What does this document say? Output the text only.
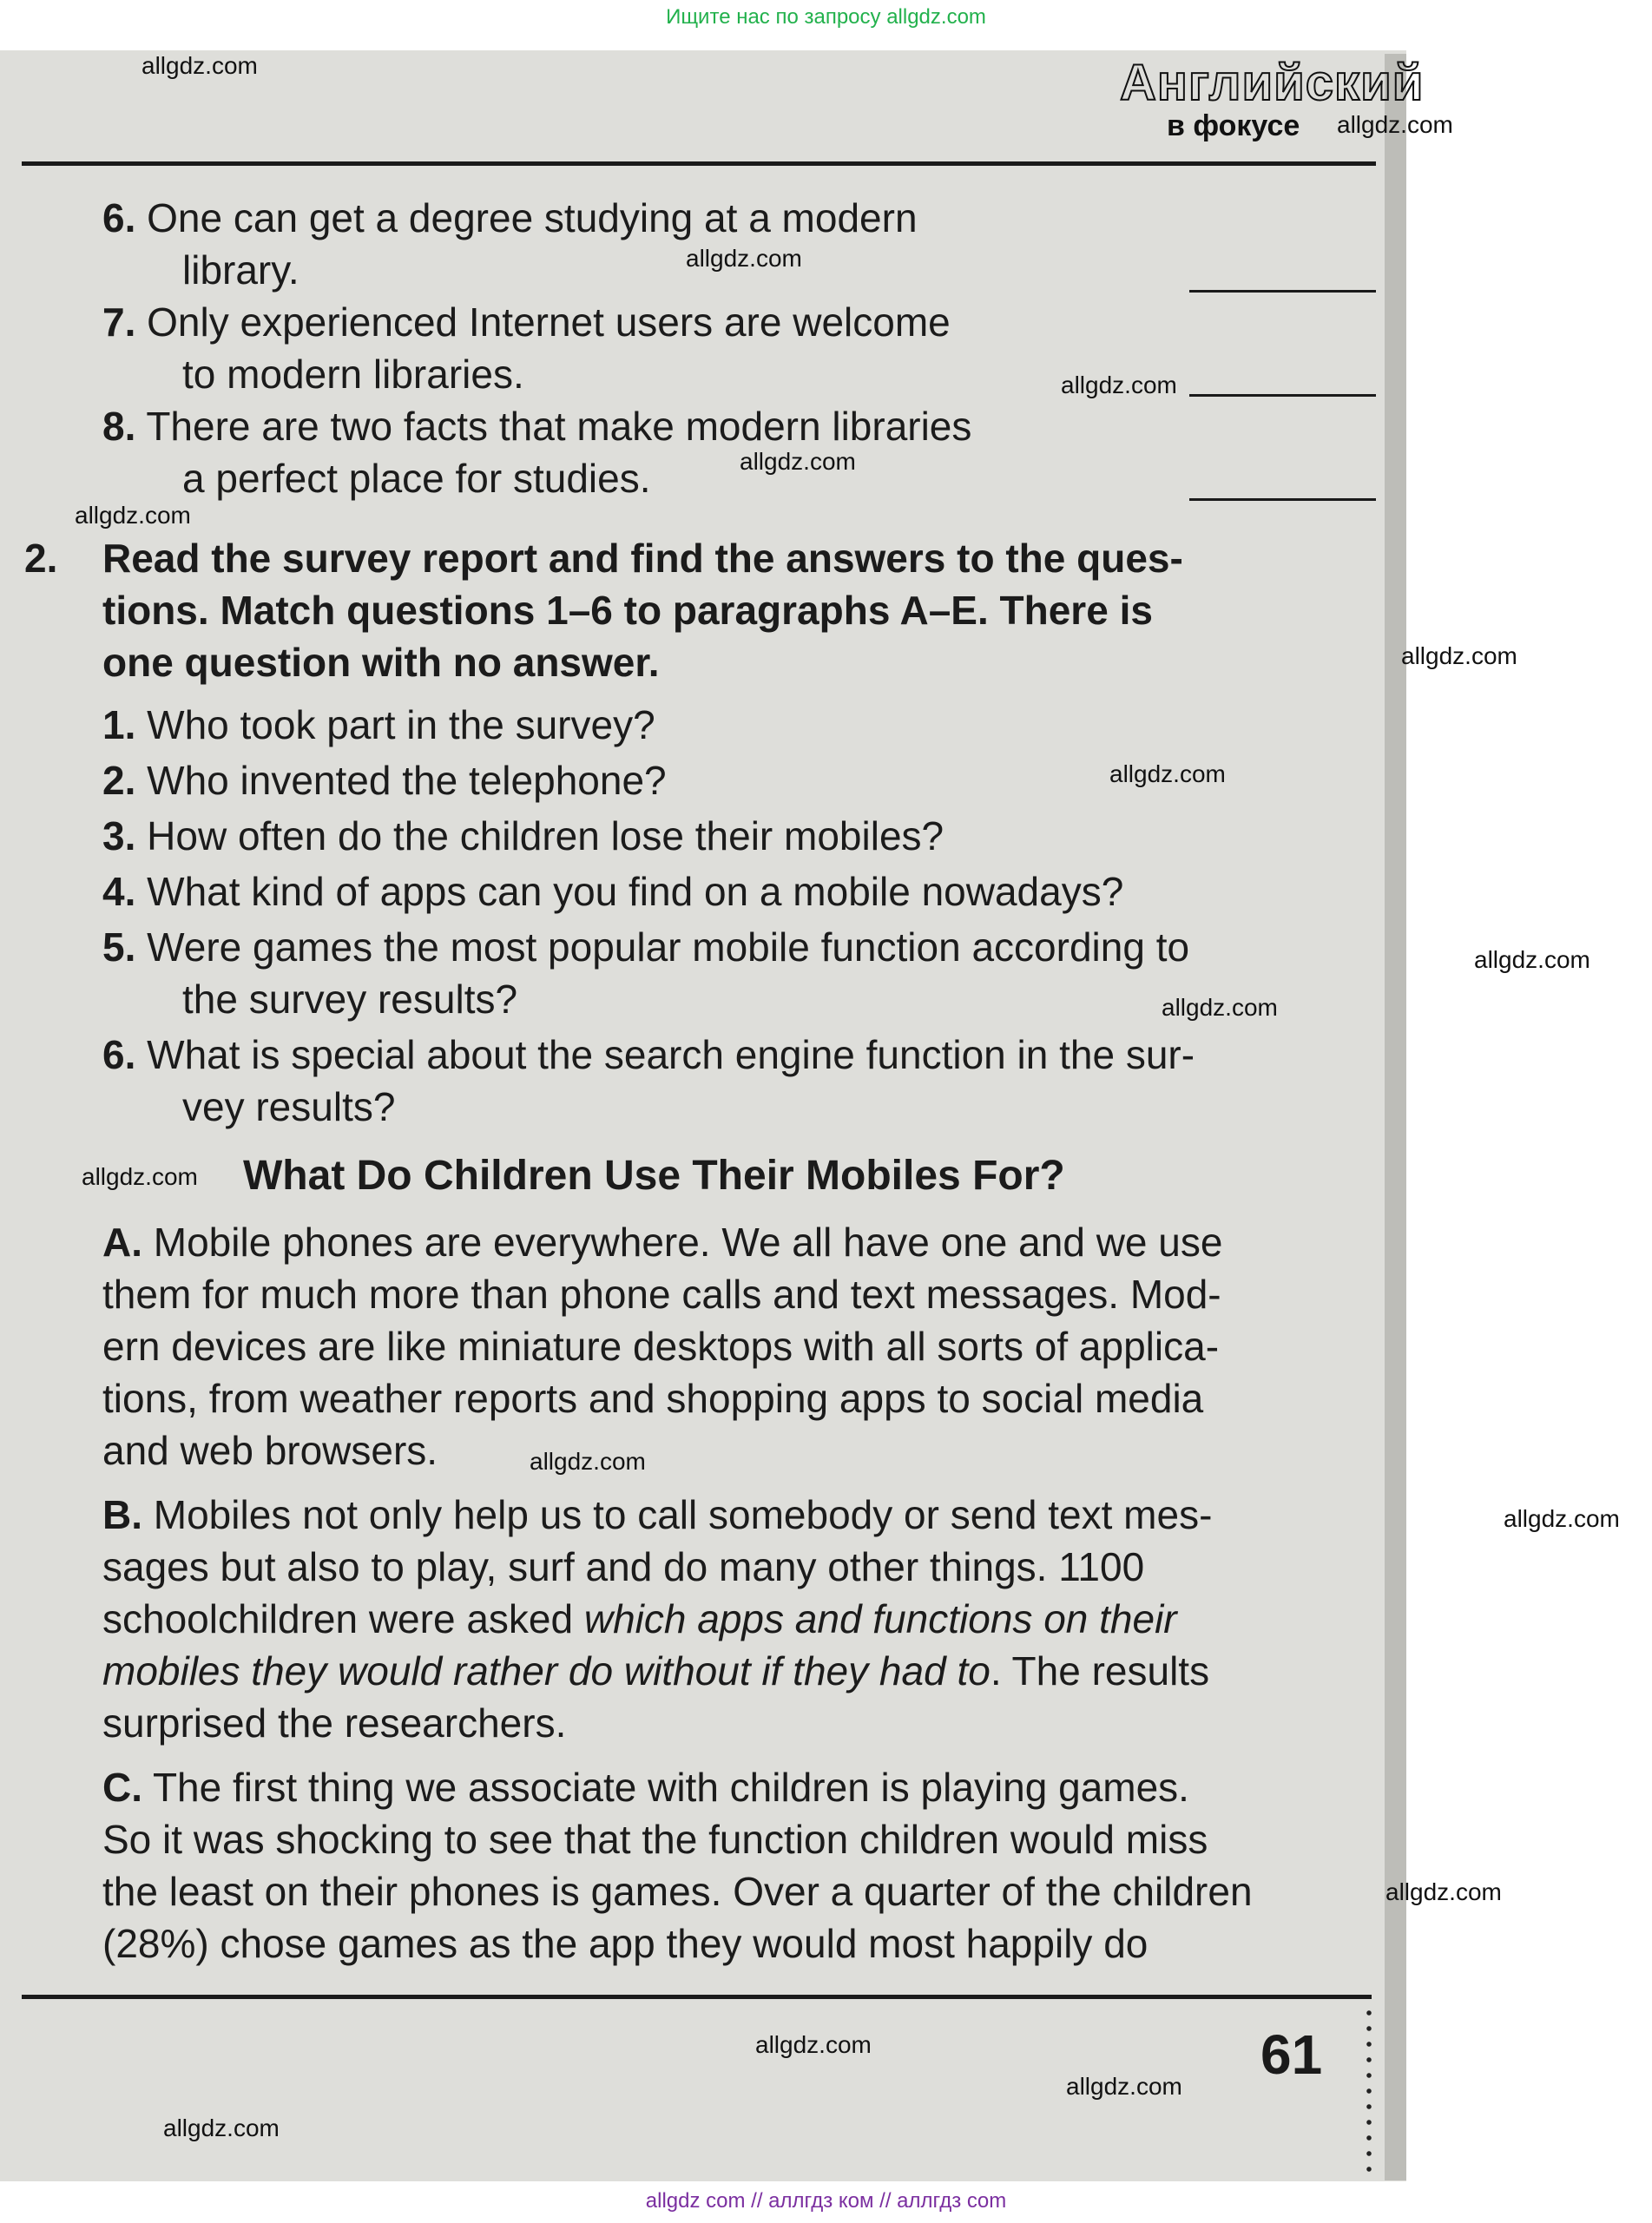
Ищите нас по запросу allgdz.com
Английский
в фокусе
6. One can get a degree studying at a modern
library.
7. Only experienced Internet users are welcome
to modern libraries.
8. There are two facts that make modern libraries
a perfect place for studies.
2. Read the survey report and find the answers to the ques-
tions. Match questions 1–6 to paragraphs A–E. There is
one question with no answer.
1. Who took part in the survey?
2. Who invented the telephone?
3. How often do the children lose their mobiles?
4. What kind of apps can you find on a mobile nowadays?
5. Were games the most popular mobile function according to
the survey results?
6. What is special about the search engine function in the sur-
vey results?
What Do Children Use Their Mobiles For?
A. Mobile phones are everywhere. We all have one and we use
them for much more than phone calls and text messages. Mod-
ern devices are like miniature desktops with all sorts of applica-
tions, from weather reports and shopping apps to social media
and web browsers.
B. Mobiles not only help us to call somebody or send text mes-
sages but also to play, surf and do many other things. 1100
schoolchildren were asked which apps and functions on their
mobiles they would rather do without if they had to. The results
surprised the researchers.
C. The first thing we associate with children is playing games.
So it was shocking to see that the function children would miss
the least on their phones is games. Over a quarter of the children
(28%) chose games as the app they would most happily do
61
allgdz.com
allgdz.com
allgdz.com
allgdz.com
allgdz.com
allgdz.com
allgdz.com
allgdz.com
allgdz.com
allgdz.com
allgdz.com
allgdz.com
allgdz.com
allgdz.com
allgdz.com
allgdz.com
allgdz.com
allgdz com // аллгдз ком // аллгдз com
